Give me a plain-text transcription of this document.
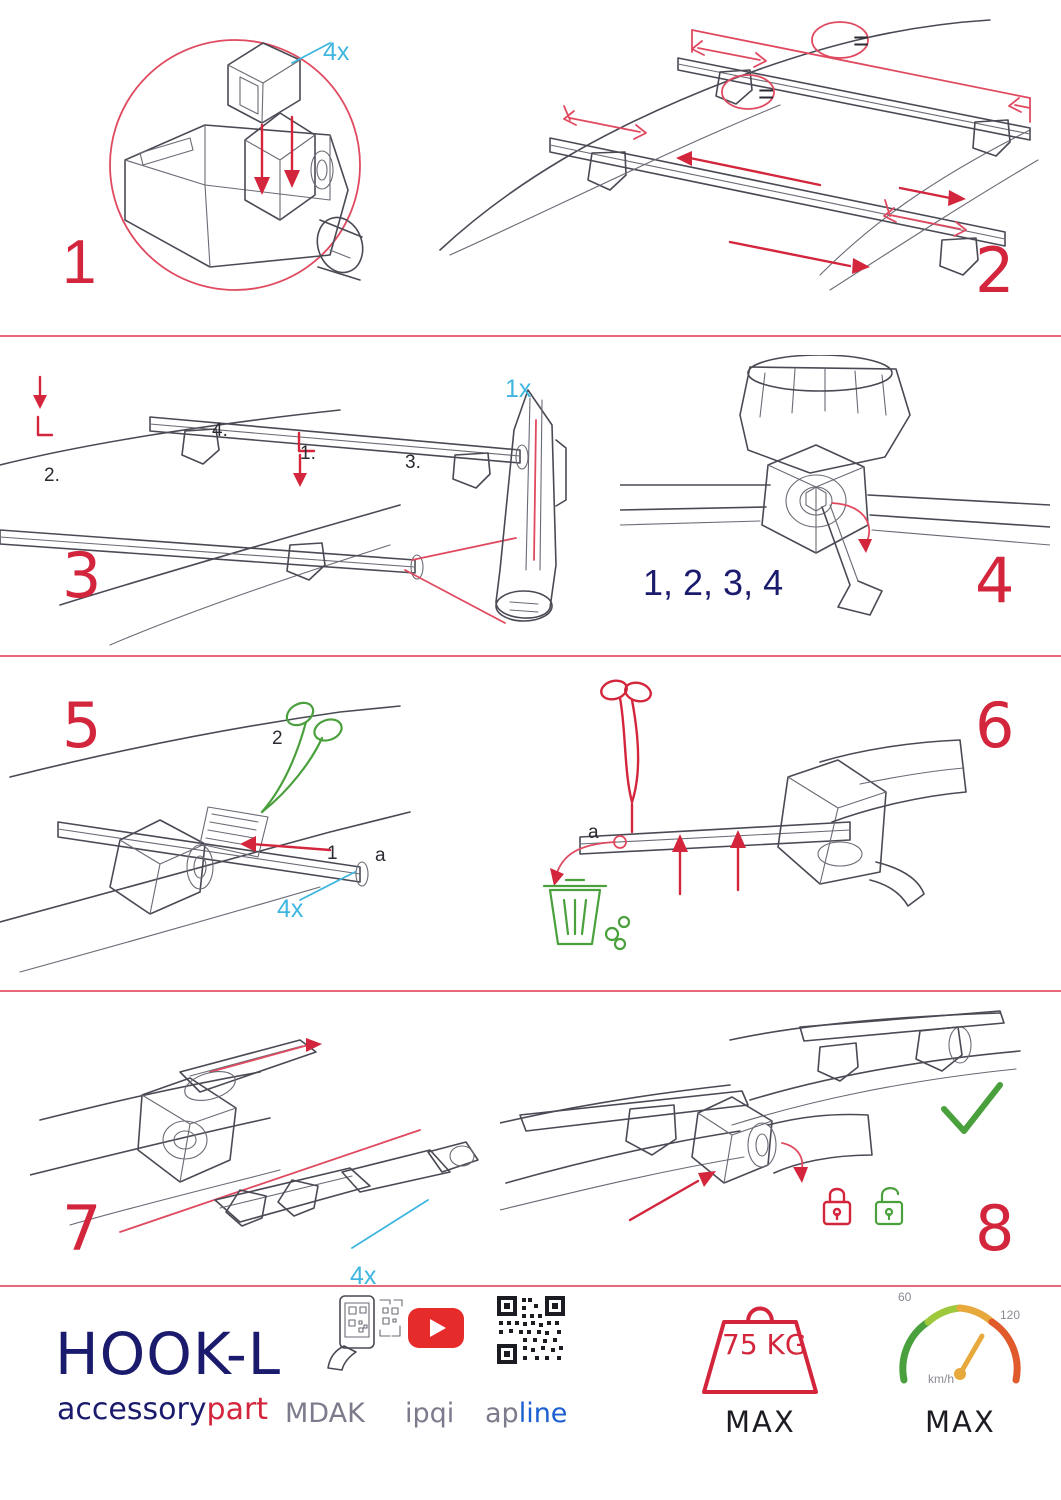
4x
1
=
=
2
1x
2.
4.
1.	3.
3	1, 2, 3, 4	4
5	2
1 a
4x
a
6
7
4x
8
HOOK-L
accessorypart MDAK ipqi apline
75 KG
MAX
60
120
km/h
MAX
